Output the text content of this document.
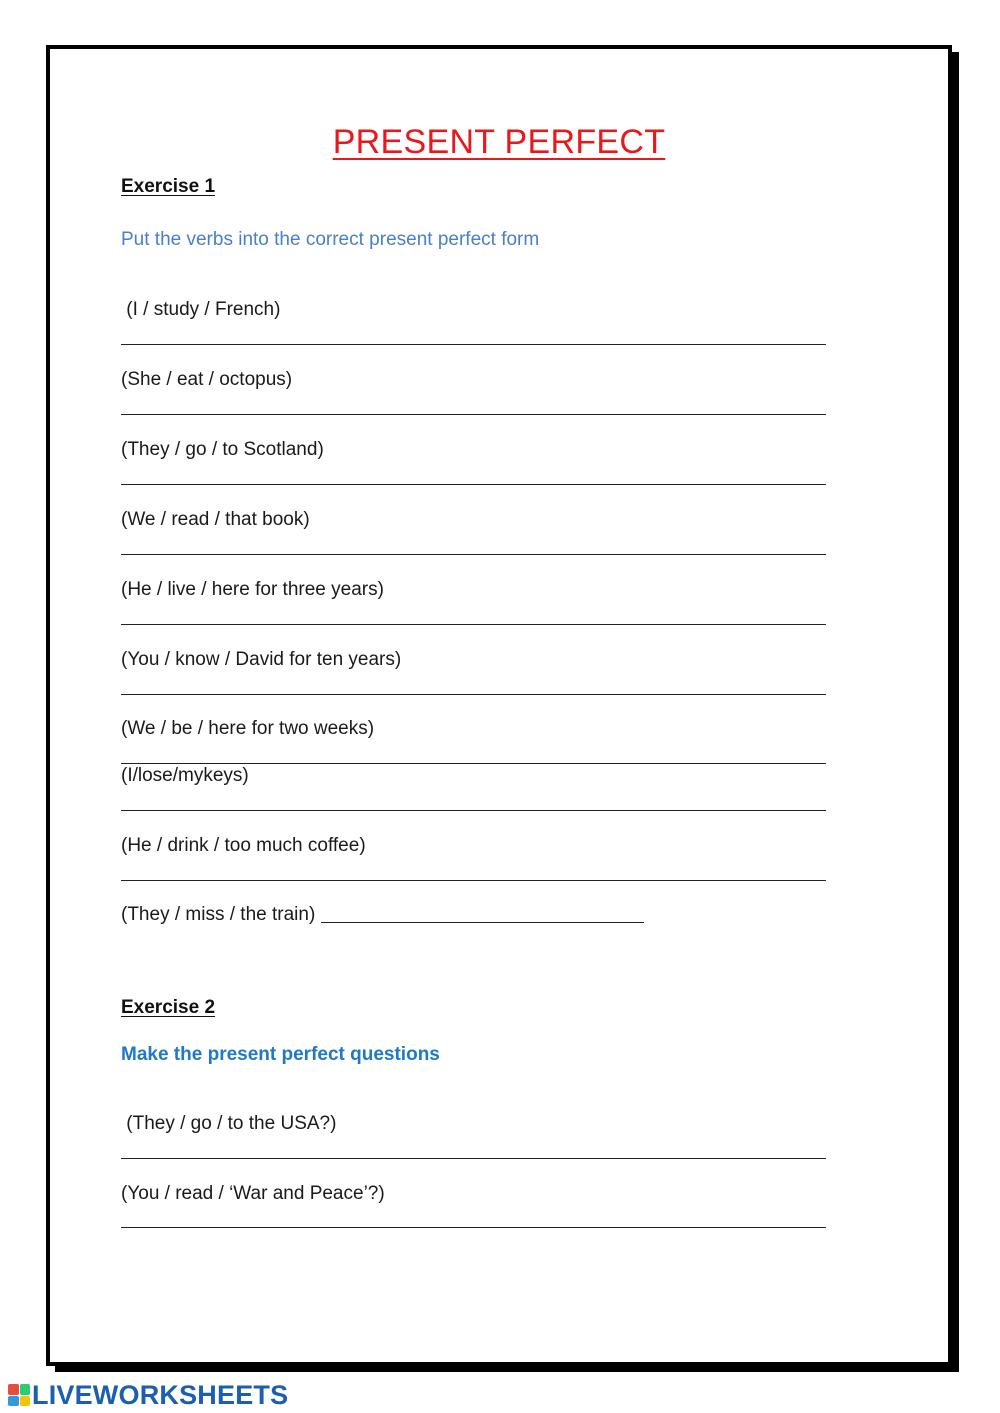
PRESENT PERFECT
Exercise 1
Put the verbs into the correct present perfect form
(I / study / French)
(She / eat / octopus)
(They / go / to Scotland)
(We / read / that book)
(He / live / here for three years)
(You / know / David for ten years)
(We / be / here for two weeks)
(I/lose/mykeys)
(He / drink / too much coffee)
(They / miss / the train)
Exercise 2
Make the present perfect questions
(They / go / to the USA?)
(You / read / ‘War and Peace’?)
LIVEWORKSHEETS
